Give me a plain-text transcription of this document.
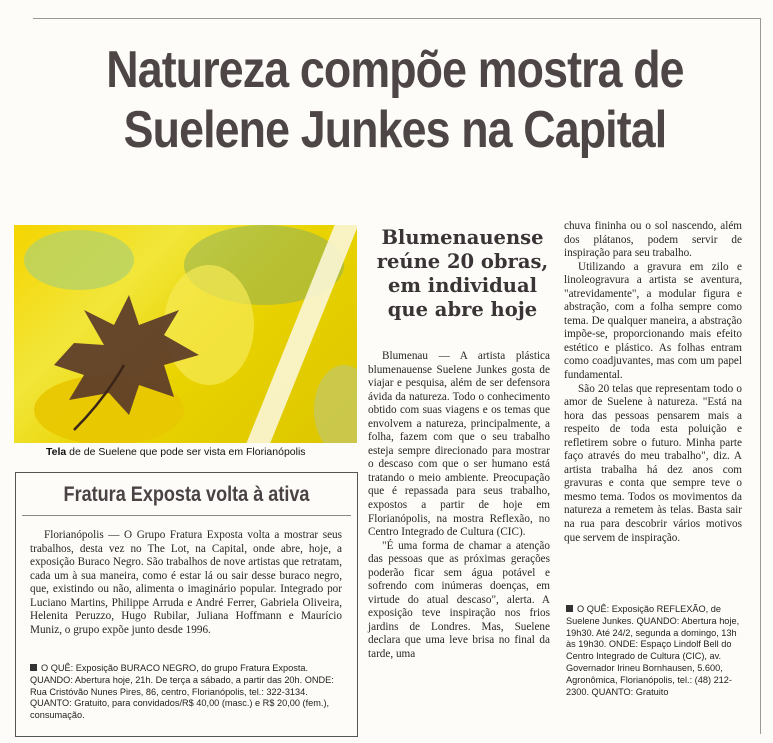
Natureza compõe mostra de
Suelene Junkes na Capital
Tela de de Suelene que pode ser vista em Florianópolis
Blumenauense
reúne 20 obras,
em individual
que abre hoje

Blumenau — A artista plástica blumenauense Suelene Junkes gosta de viajar e pesquisa, além de ser defensora ávida da natureza. Todo o conhecimento obtido com suas viagens e os temas que envolvem a natureza, principalmente, a folha, fazem com que o seu trabalho esteja sempre direcionado para mostrar o descaso com que o ser humano está tratando o meio ambiente. Preocupação que é repassada para seus trabalho, expostos a partir de hoje em Florianópolis, na mostra Reflexão, no Centro Integrado de Cultura (CIC).

"É uma forma de chamar a atenção das pessoas que as próximas gerações poderão ficar sem água potável e sofrendo com inúmeras doenças, em virtude do atual descaso", alerta. A exposição teve inspiração nos frios jardins de Londres. Mas, Suelene declara que uma leve brisa no final da tarde, uma

chuva fininha ou o sol nascendo, além dos plátanos, podem servir de inspiração para seu trabalho.

Utilizando a gravura em zilo e linoleogravura a artista se aventura, "atrevidamente", a modular figura e abstração, com a folha sempre como tema. De qualquer maneira, a abstração impõe-se, proporcionando mais efeito estético e plástico. As folhas entram como coadjuvantes, mas com um papel fundamental.

São 20 telas que representam todo o amor de Suelene à natureza. "Está na hora das pessoas pensarem mais a respeito de toda esta poluição e refletirem sobre o futuro. Minha parte faço através do meu trabalho", diz. A artista trabalha há dez anos com gravuras e conta que sempre teve o mesmo tema. Todos os movimentos da natureza a remetem às telas. Basta sair na rua para descobrir vários motivos que servem de inspiração.

O QUÊ: Exposição REFLEXÃO, de Suelene Junkes. QUANDO: Abertura hoje, 19h30. Até 24/2, segunda a domingo, 13h às 19h30. ONDE: Espaço Lindolf Bell do Centro Integrado de Cultura (CIC), av. Governador Irineu Bornhausen, 5.600, Agronômica, Florianópolis, tel.: (48) 212-2300. QUANTO: Gratuito
Fratura Exposta volta à ativa

Florianópolis — O Grupo Fratura Exposta volta a mostrar seus trabalhos, desta vez no The Lot, na Capital, onde abre, hoje, a exposição Buraco Negro. São trabalhos de nove artistas que retratam, cada um à sua maneira, como é estar lá ou sair desse buraco negro, que, existindo ou não, alimenta o imaginário popular. Integrado por Luciano Martins, Philippe Arruda e André Ferrer, Gabriela Oliveira, Helenita Peruzzo, Hugo Rubilar, Juliana Hoffmann e Maurício Muniz, o grupo expõe junto desde 1996.

O QUÊ: Exposição BURACO NEGRO, do grupo Fratura Exposta. QUANDO: Abertura hoje, 21h. De terça a sábado, a partir das 20h. ONDE: Rua Cristóvão Nunes Pires, 86, centro, Florianópolis, tel.: 322-3134. QUANTO: Gratuito, para convidados/R$ 40,00 (masc.) e R$ 20,00 (fem.), consumação.
